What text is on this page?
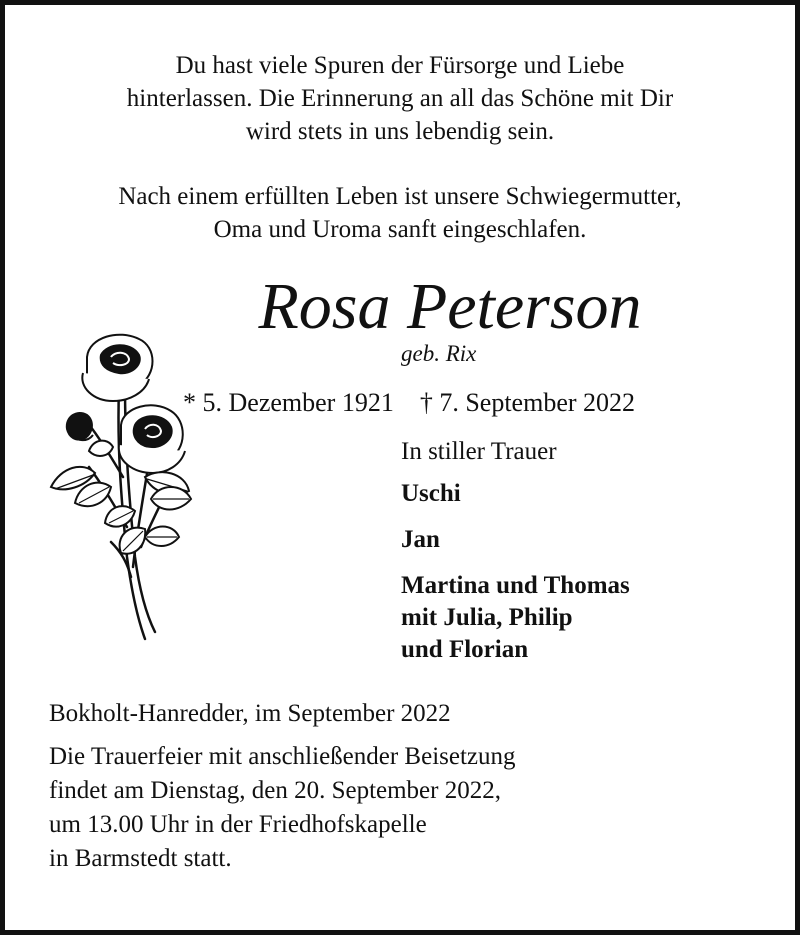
Du hast viele Spuren der Fürsorge und Liebe
hinterlassen. Die Erinnerung an all das Schöne mit Dir
wird stets in uns lebendig sein.
Nach einem erfüllten Leben ist unsere Schwiegermutter,
Oma und Uroma sanft eingeschlafen.
Rosa Peterson
geb. Rix
* 5. Dezember 1921 † 7. September 2022
In stiller Trauer
Uschi
Jan
Martina und Thomas
mit Julia, Philip
und Florian
Bokholt-Hanredder, im September 2022
Die Trauerfeier mit anschließender Beisetzung
findet am Dienstag, den 20. September 2022,
um 13.00 Uhr in der Friedhofskapelle
in Barmstedt statt.
